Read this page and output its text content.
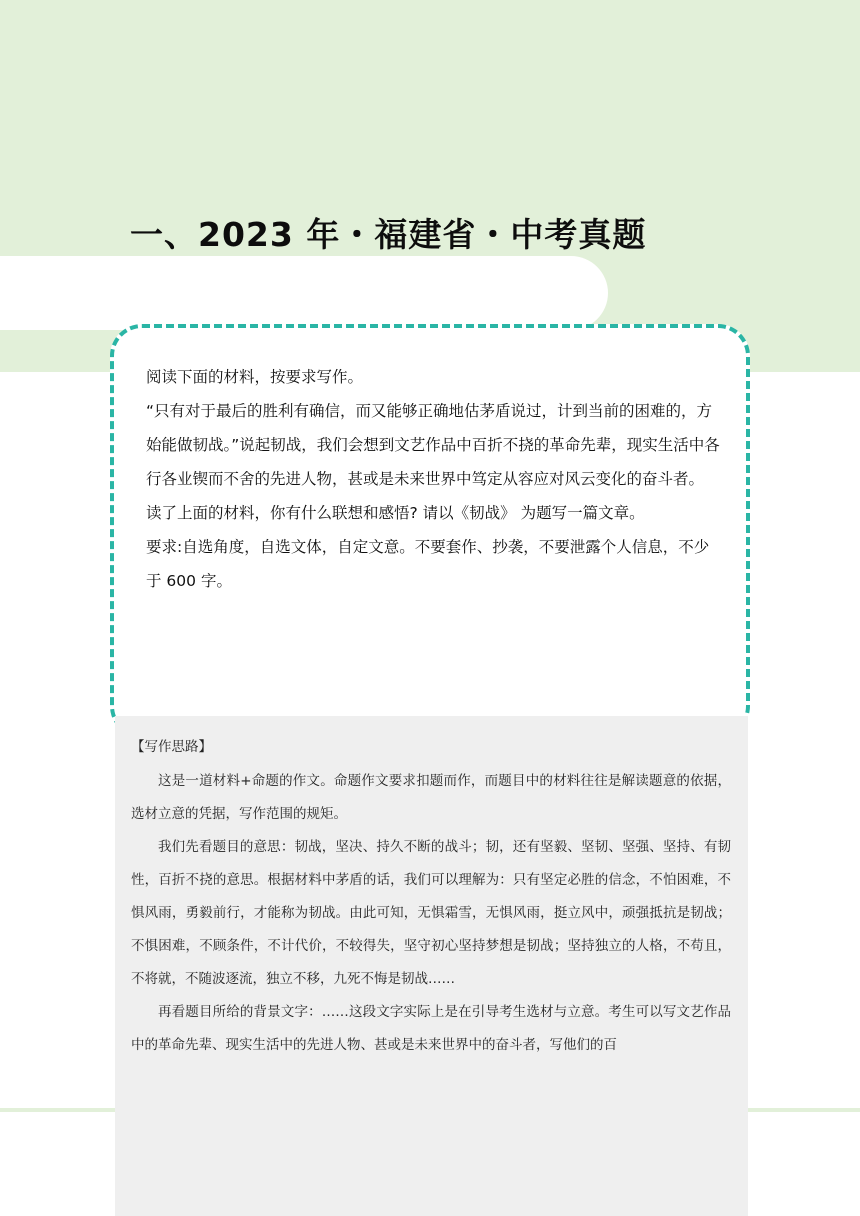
一、2023 年・福建省・中考真题

阅读下面的材料，按要求写作。

“只有对于最后的胜利有确信，而又能够正确地估茅盾说过，计到当前的困难的，方始能做韧战。”说起韧战，我们会想到文艺作品中百折不挠的革命先辈，现实生活中各行各业锲而不舍的先进人物，甚或是未来世界中笃定从容应对风云变化的奋斗者。

读了上面的材料，你有什么联想和感悟? 请以《韧战》 为题写一篇文章。

要求:自选角度，自选文体，自定文意。不要套作、抄袭，不要泄露个人信息，不少于 600 字。

【写作思路】

这是一道材料+命题的作文。命题作文要求扣题而作，而题目中的材料往往是解读题意的依据，选材立意的凭据，写作范围的规矩。

我们先看题目的意思：韧战，坚决、持久不断的战斗；韧，还有坚毅、坚韧、坚强、坚持、有韧性，百折不挠的意思。根据材料中茅盾的话，我们可以理解为：只有坚定必胜的信念，不怕困难，不惧风雨，勇毅前行，才能称为韧战。由此可知，无惧霜雪，无惧风雨，挺立风中，顽强抵抗是韧战；不惧困难，不顾条件，不计代价，不较得失，坚守初心坚持梦想是韧战；坚持独立的人格，不苟且，不将就，不随波逐流，独立不移，九死不悔是韧战……

再看题目所给的背景文字：……这段文字实际上是在引导考生选材与立意。考生可以写文艺作品中的革命先辈、现实生活中的先进人物、甚或是未来世界中的奋斗者，写他们的百
